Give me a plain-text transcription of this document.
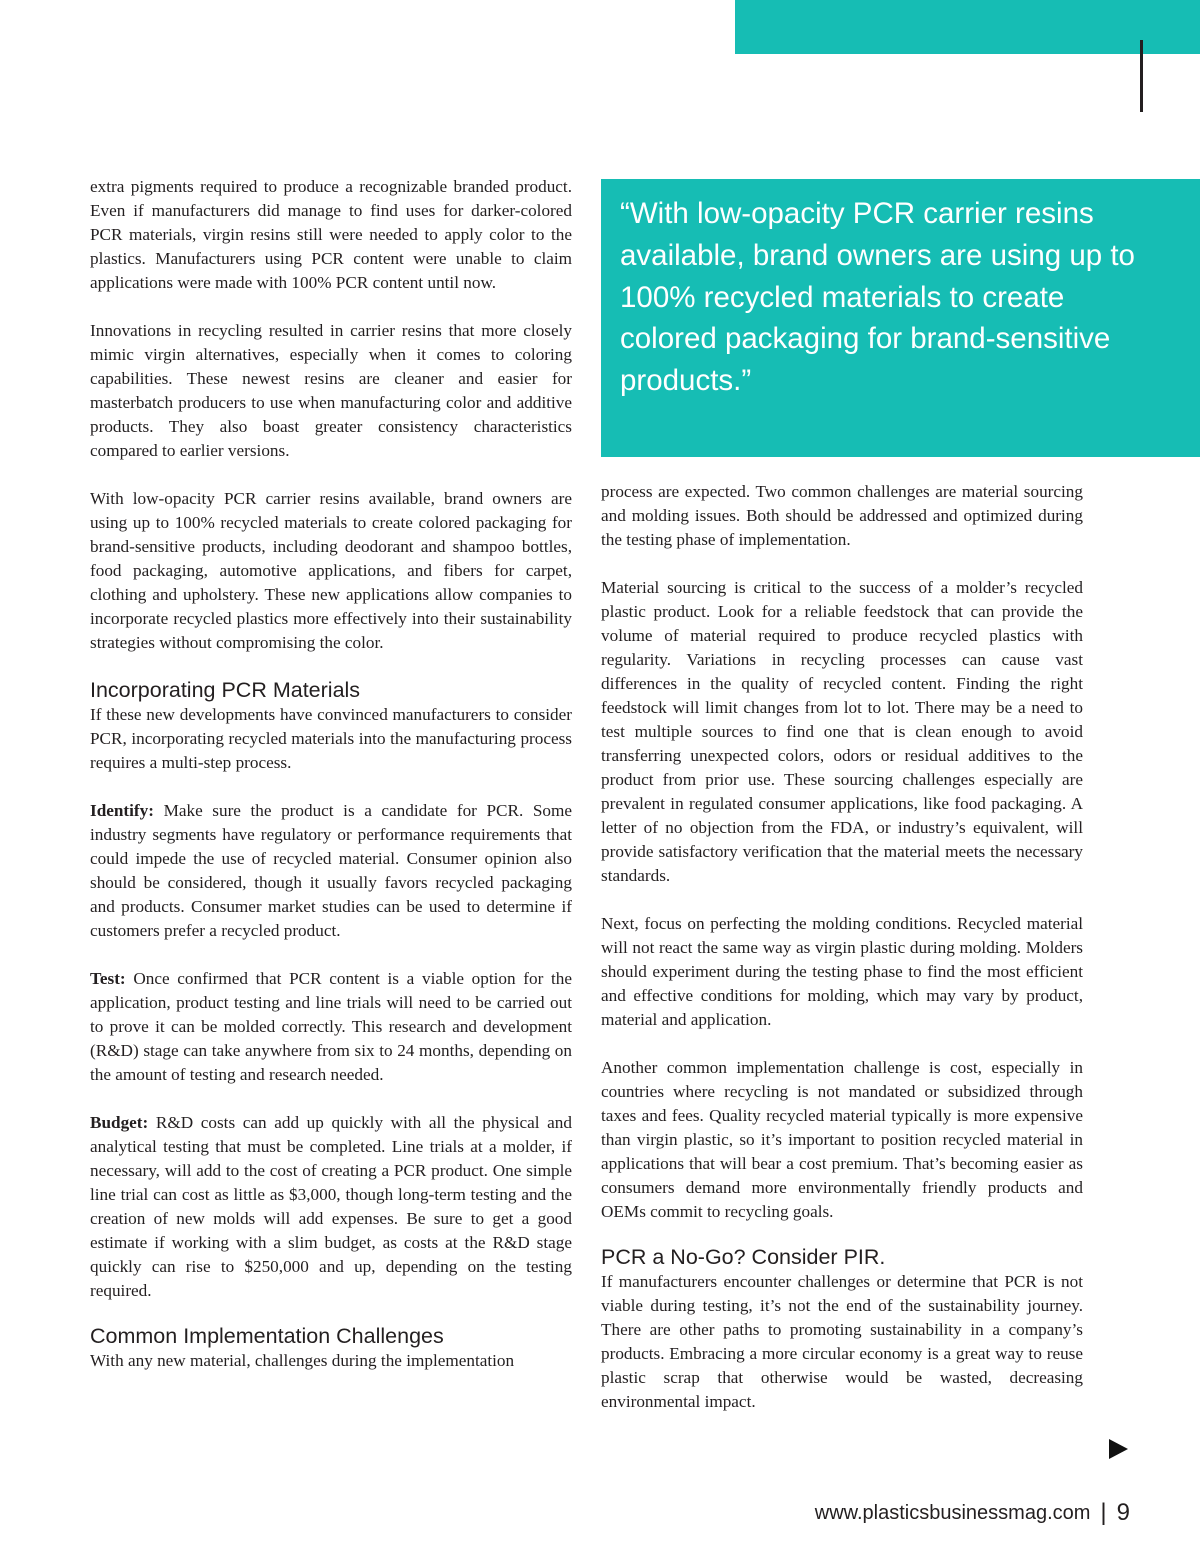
extra pigments required to produce a recognizable branded product. Even if manufacturers did manage to find uses for darker-colored PCR materials, virgin resins still were needed to apply color to the plastics. Manufacturers using PCR content were unable to claim applications were made with 100% PCR content until now.

Innovations in recycling resulted in carrier resins that more closely mimic virgin alternatives, especially when it comes to coloring capabilities. These newest resins are cleaner and easier for masterbatch producers to use when manufacturing color and additive products. They also boast greater consistency characteristics compared to earlier versions.

With low-opacity PCR carrier resins available, brand owners are using up to 100% recycled materials to create colored packaging for brand-sensitive products, including deodorant and shampoo bottles, food packaging, automotive applications, and fibers for carpet, clothing and upholstery. These new applications allow companies to incorporate recycled plastics more effectively into their sustainability strategies without compromising the color.

Incorporating PCR Materials

If these new developments have convinced manufacturers to consider PCR, incorporating recycled materials into the manufacturing process requires a multi-step process.

Identify: Make sure the product is a candidate for PCR. Some industry segments have regulatory or performance requirements that could impede the use of recycled material. Consumer opinion also should be considered, though it usually favors recycled packaging and products. Consumer market studies can be used to determine if customers prefer a recycled product.

Test: Once confirmed that PCR content is a viable option for the application, product testing and line trials will need to be carried out to prove it can be molded correctly. This research and development (R&D) stage can take anywhere from six to 24 months, depending on the amount of testing and research needed.

Budget: R&D costs can add up quickly with all the physical and analytical testing that must be completed. Line trials at a molder, if necessary, will add to the cost of creating a PCR product. One simple line trial can cost as little as $3,000, though long-term testing and the creation of new molds will add expenses. Be sure to get a good estimate if working with a slim budget, as costs at the R&D stage quickly can rise to $250,000 and up, depending on the testing required.

Common Implementation Challenges

With any new material, challenges during the implementation

“With low-opacity PCR carrier resins available, brand owners are using up to 100% recycled materials to create colored packaging for brand-sensitive products.”

process are expected. Two common challenges are material sourcing and molding issues. Both should be addressed and optimized during the testing phase of implementation.

Material sourcing is critical to the success of a molder’s recycled plastic product. Look for a reliable feedstock that can provide the volume of material required to produce recycled plastics with regularity. Variations in recycling processes can cause vast differences in the quality of recycled content. Finding the right feedstock will limit changes from lot to lot. There may be a need to test multiple sources to find one that is clean enough to avoid transferring unexpected colors, odors or residual additives to the product from prior use. These sourcing challenges especially are prevalent in regulated consumer applications, like food packaging. A letter of no objection from the FDA, or industry’s equivalent, will provide satisfactory verification that the material meets the necessary standards.

Next, focus on perfecting the molding conditions. Recycled material will not react the same way as virgin plastic during molding. Molders should experiment during the testing phase to find the most efficient and effective conditions for molding, which may vary by product, material and application.

Another common implementation challenge is cost, especially in countries where recycling is not mandated or subsidized through taxes and fees. Quality recycled material typically is more expensive than virgin plastic, so it’s important to position recycled material in applications that will bear a cost premium. That’s becoming easier as consumers demand more environmentally friendly products and OEMs commit to recycling goals.

PCR a No-Go? Consider PIR.

If manufacturers encounter challenges or determine that PCR is not viable during testing, it’s not the end of the sustainability journey. There are other paths to promoting sustainability in a company’s products. Embracing a more circular economy is a great way to reuse plastic scrap that otherwise would be wasted, decreasing environmental impact.

www.plasticsbusinessmag.com | 9
